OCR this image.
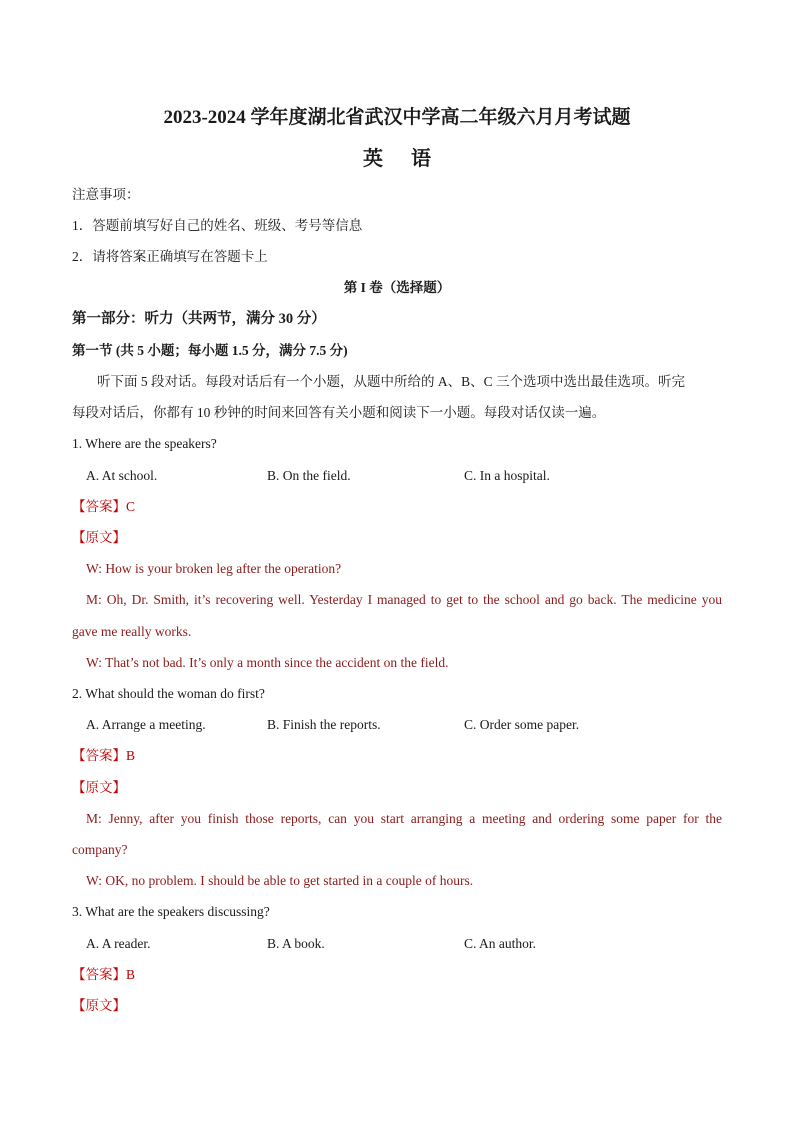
2023-2024 学年度湖北省武汉中学高二年级六月月考试题
英 语
注意事项：
1．答题前填写好自己的姓名、班级、考号等信息
2．请将答案正确填写在答题卡上
第 I 卷（选择题）
第一部分：听力（共两节，满分 30 分）
第一节 (共 5 小题；每小题 1.5 分，满分 7.5 分)
听下面 5 段对话。每段对话后有一个小题，从题中所给的 A、B、C 三个选项中选出最佳选项。听完
每段对话后，你都有 10 秒钟的时间来回答有关小题和阅读下一小题。每段对话仅读一遍。
1. Where are the speakers?
A. At school.	B. On the field.	C. In a hospital.
【答案】C
【原文】
W: How is your broken leg after the operation?
M: Oh, Dr. Smith, it’s recovering well. Yesterday I managed to get to the school and go back. The medicine you
gave me really works.
W: That’s not bad. It’s only a month since the accident on the field.
2. What should the woman do first?
A. Arrange a meeting.	B. Finish the reports.	C. Order some paper.
【答案】B
【原文】
M: Jenny, after you finish those reports, can you start arranging a meeting and ordering some paper for the
company?
W: OK, no problem. I should be able to get started in a couple of hours.
3. What are the speakers discussing?
A. A reader.	B. A book.	C. An author.
【答案】B
【原文】
